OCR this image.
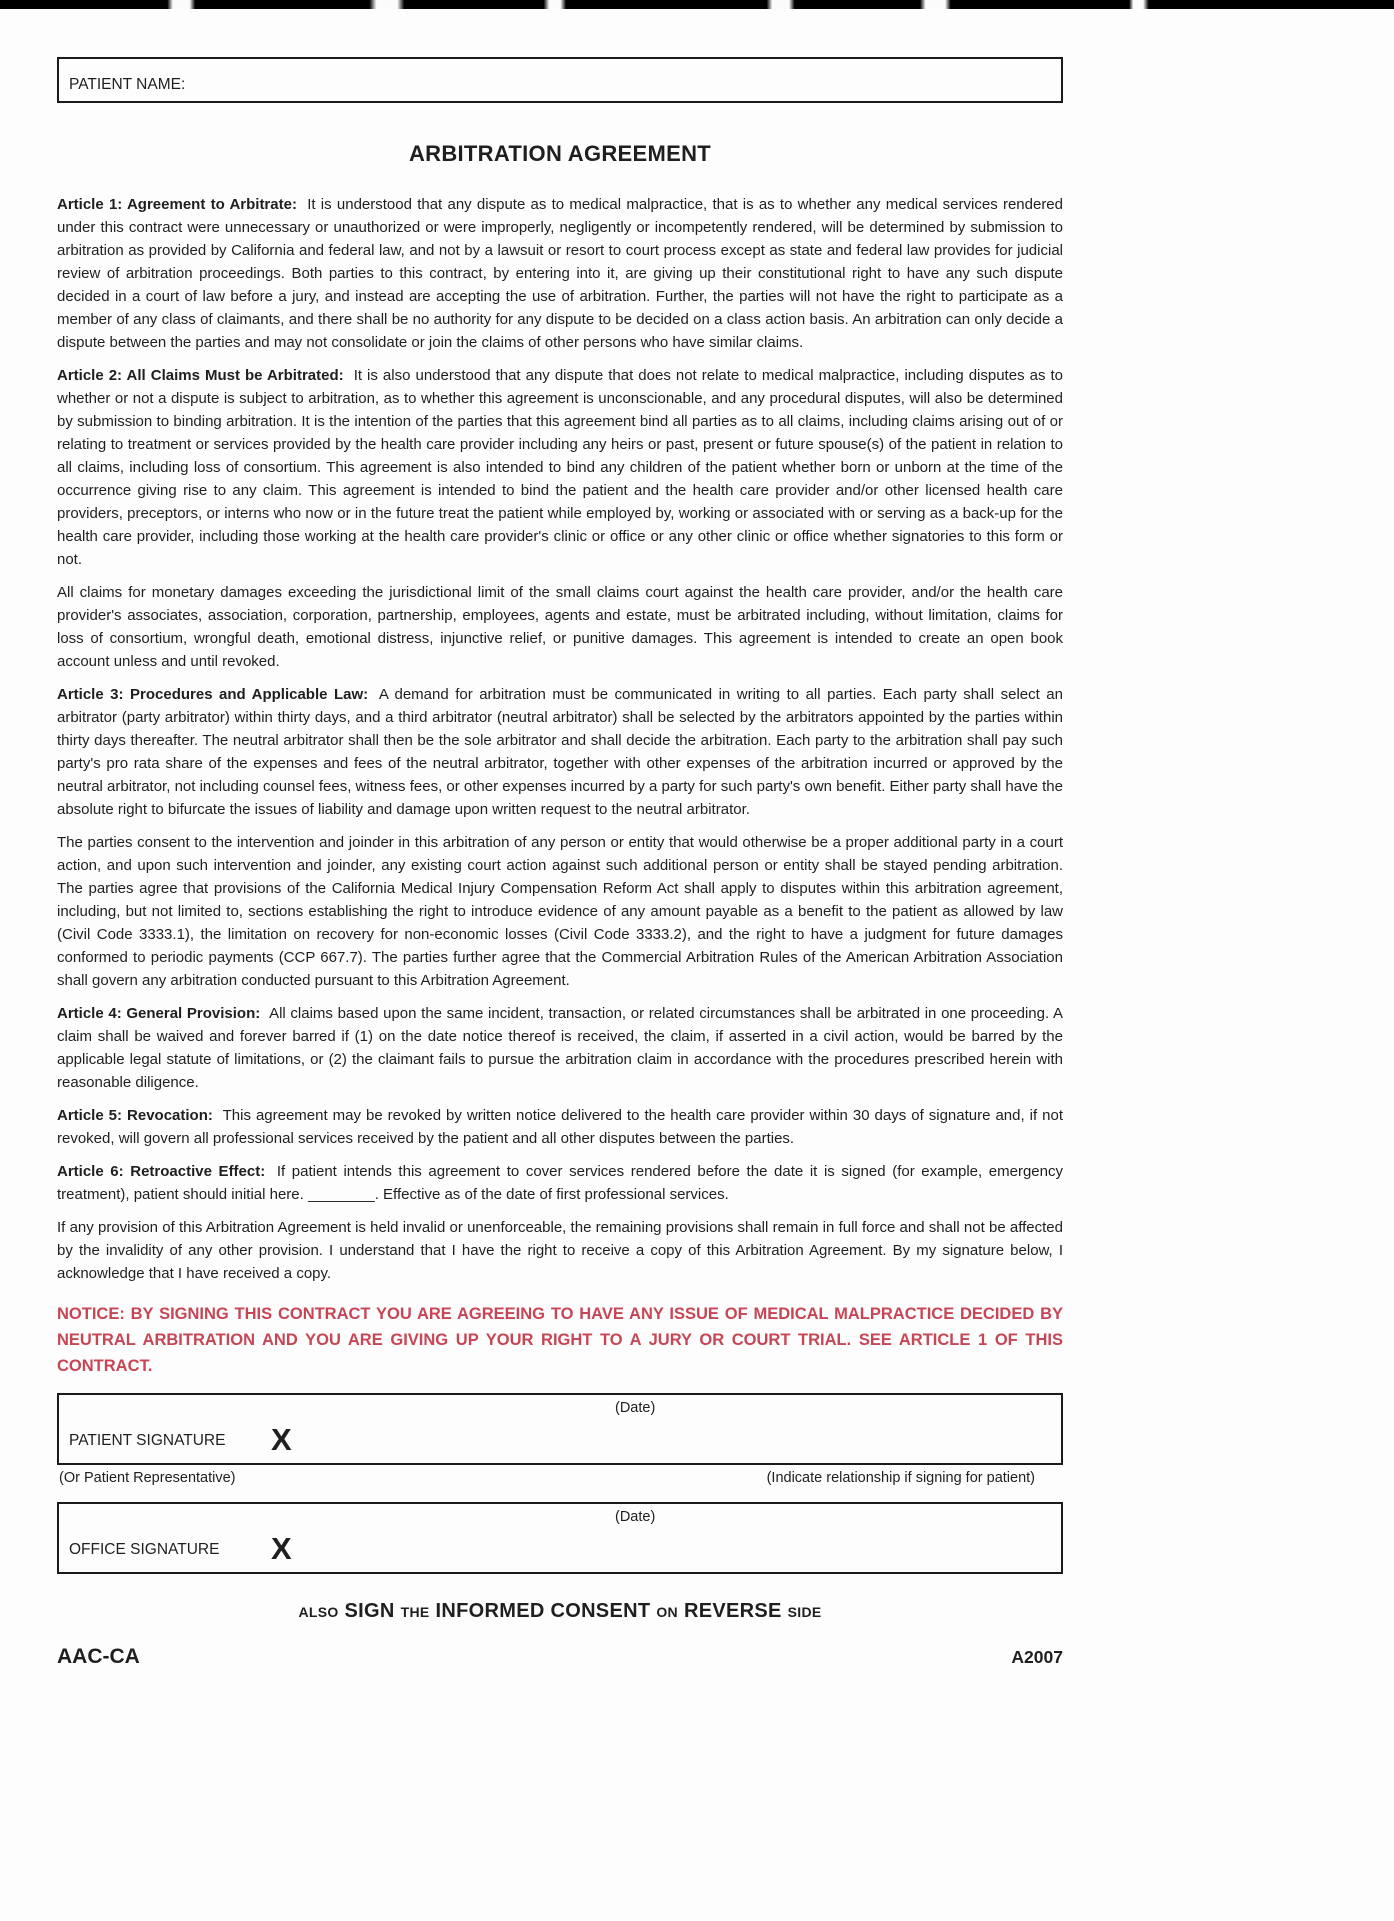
PATIENT NAME:
ARBITRATION AGREEMENT

Article 1: Agreement to Arbitrate: It is understood that any dispute as to medical malpractice, that is as to whether any medical services rendered under this contract were unnecessary or unauthorized or were improperly, negligently or incompetently rendered, will be determined by submission to arbitration as provided by California and federal law, and not by a lawsuit or resort to court process except as state and federal law provides for judicial review of arbitration proceedings. Both parties to this contract, by entering into it, are giving up their constitutional right to have any such dispute decided in a court of law before a jury, and instead are accepting the use of arbitration. Further, the parties will not have the right to participate as a member of any class of claimants, and there shall be no authority for any dispute to be decided on a class action basis. An arbitration can only decide a dispute between the parties and may not consolidate or join the claims of other persons who have similar claims.

Article 2: All Claims Must be Arbitrated: It is also understood that any dispute that does not relate to medical malpractice, including disputes as to whether or not a dispute is subject to arbitration, as to whether this agreement is unconscionable, and any procedural disputes, will also be determined by submission to binding arbitration. It is the intention of the parties that this agreement bind all parties as to all claims, including claims arising out of or relating to treatment or services provided by the health care provider including any heirs or past, present or future spouse(s) of the patient in relation to all claims, including loss of consortium. This agreement is also intended to bind any children of the patient whether born or unborn at the time of the occurrence giving rise to any claim. This agreement is intended to bind the patient and the health care provider and/or other licensed health care providers, preceptors, or interns who now or in the future treat the patient while employed by, working or associated with or serving as a back-up for the health care provider, including those working at the health care provider's clinic or office or any other clinic or office whether signatories to this form or not.

All claims for monetary damages exceeding the jurisdictional limit of the small claims court against the health care provider, and/or the health care provider's associates, association, corporation, partnership, employees, agents and estate, must be arbitrated including, without limitation, claims for loss of consortium, wrongful death, emotional distress, injunctive relief, or punitive damages. This agreement is intended to create an open book account unless and until revoked.

Article 3: Procedures and Applicable Law: A demand for arbitration must be communicated in writing to all parties. Each party shall select an arbitrator (party arbitrator) within thirty days, and a third arbitrator (neutral arbitrator) shall be selected by the arbitrators appointed by the parties within thirty days thereafter. The neutral arbitrator shall then be the sole arbitrator and shall decide the arbitration. Each party to the arbitration shall pay such party's pro rata share of the expenses and fees of the neutral arbitrator, together with other expenses of the arbitration incurred or approved by the neutral arbitrator, not including counsel fees, witness fees, or other expenses incurred by a party for such party's own benefit. Either party shall have the absolute right to bifurcate the issues of liability and damage upon written request to the neutral arbitrator.

The parties consent to the intervention and joinder in this arbitration of any person or entity that would otherwise be a proper additional party in a court action, and upon such intervention and joinder, any existing court action against such additional person or entity shall be stayed pending arbitration. The parties agree that provisions of the California Medical Injury Compensation Reform Act shall apply to disputes within this arbitration agreement, including, but not limited to, sections establishing the right to introduce evidence of any amount payable as a benefit to the patient as allowed by law (Civil Code 3333.1), the limitation on recovery for non-economic losses (Civil Code 3333.2), and the right to have a judgment for future damages conformed to periodic payments (CCP 667.7). The parties further agree that the Commercial Arbitration Rules of the American Arbitration Association shall govern any arbitration conducted pursuant to this Arbitration Agreement.

Article 4: General Provision: All claims based upon the same incident, transaction, or related circumstances shall be arbitrated in one proceeding. A claim shall be waived and forever barred if (1) on the date notice thereof is received, the claim, if asserted in a civil action, would be barred by the applicable legal statute of limitations, or (2) the claimant fails to pursue the arbitration claim in accordance with the procedures prescribed herein with reasonable diligence.

Article 5: Revocation: This agreement may be revoked by written notice delivered to the health care provider within 30 days of signature and, if not revoked, will govern all professional services received by the patient and all other disputes between the parties.

Article 6: Retroactive Effect: If patient intends this agreement to cover services rendered before the date it is signed (for example, emergency treatment), patient should initial here. ________. Effective as of the date of first professional services.

If any provision of this Arbitration Agreement is held invalid or unenforceable, the remaining provisions shall remain in full force and shall not be affected by the invalidity of any other provision. I understand that I have the right to receive a copy of this Arbitration Agreement. By my signature below, I acknowledge that I have received a copy.

NOTICE: BY SIGNING THIS CONTRACT YOU ARE AGREEING TO HAVE ANY ISSUE OF MEDICAL MALPRACTICE DECIDED BY NEUTRAL ARBITRATION AND YOU ARE GIVING UP YOUR RIGHT TO A JURY OR COURT TRIAL. SEE ARTICLE 1 OF THIS CONTRACT.
(Date)
PATIENT SIGNATURE X
(Or Patient Representative)	(Indicate relationship if signing for patient)
(Date)
OFFICE SIGNATURE X
ALSO SIGN THE INFORMED CONSENT ON REVERSE SIDE
AAC-CA	A2007
